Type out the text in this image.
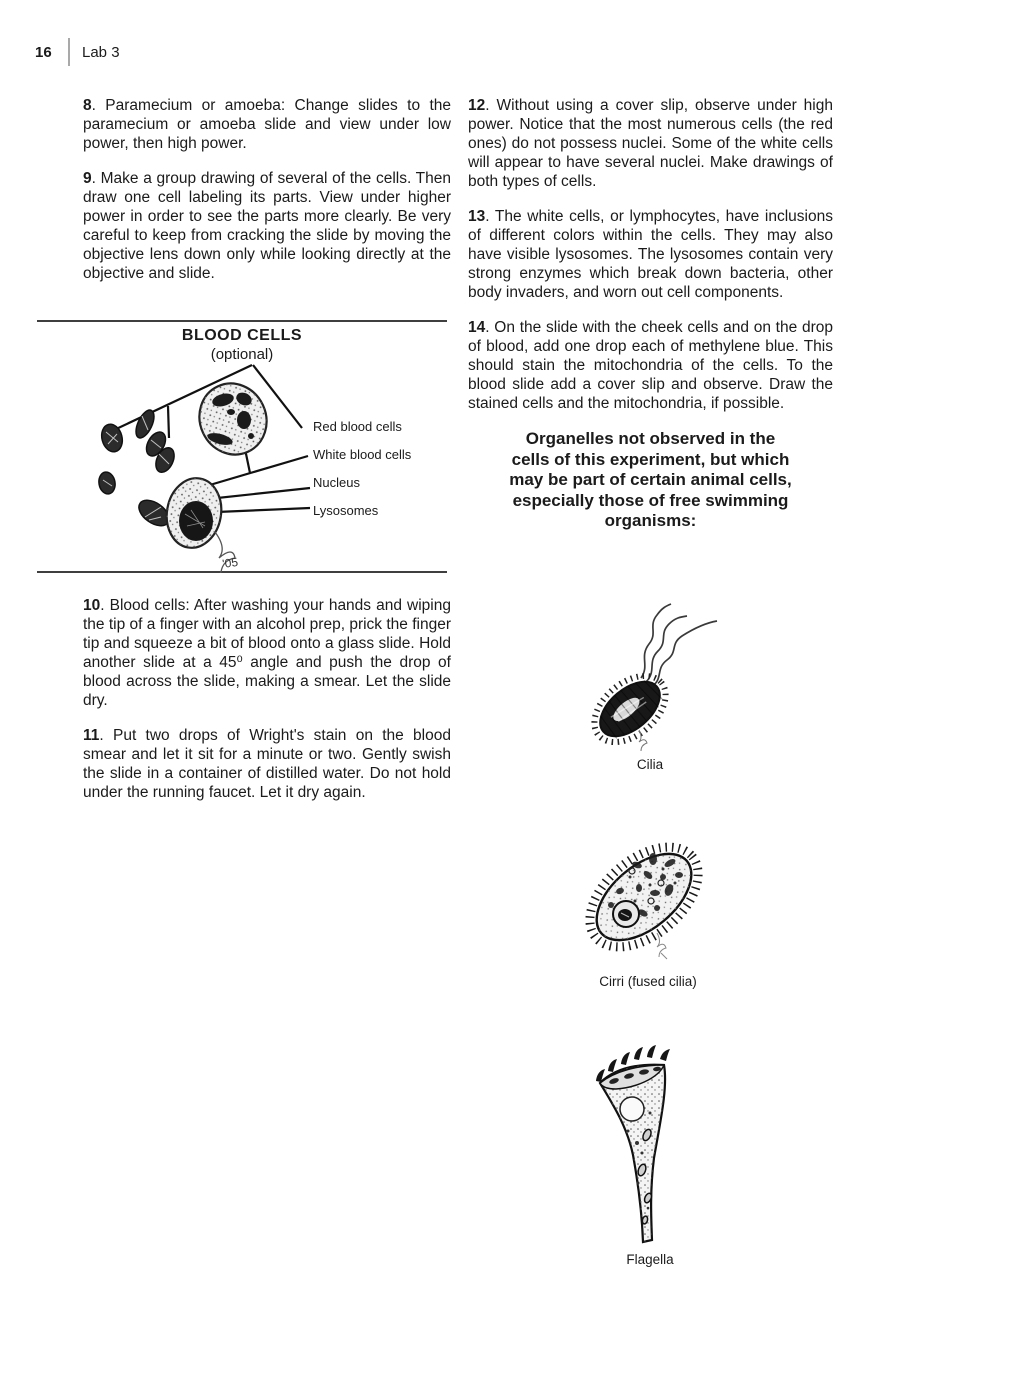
16 Lab 3

8. Paramecium or amoeba: Change slides to the paramecium or amoeba slide and view under low power, then high power.

9. Make a group drawing of several of the cells. Then draw one cell labeling its parts. View under higher power in order to see the parts more clearly. Be very careful to keep from cracking the slide by moving the objective lens down only while looking directly at the objective and slide.

BLOOD CELLS
(optional)
'05
Red blood cells
White blood cells
Nucleus
Lysosomes

10. Blood cells: After washing your hands and wiping the tip of a finger with an alcohol prep, prick the finger tip and squeeze a bit of blood onto a glass slide. Hold another slide at a 45⁰ angle and push the drop of blood across the slide, making a smear. Let the slide dry.

11. Put two drops of Wright's stain on the blood smear and let it sit for a minute or two. Gently swish the slide in a container of distilled water. Do not hold under the running faucet. Let it dry again.

12. Without using a cover slip, observe under high power. Notice that the most numerous cells (the red ones) do not possess nuclei. Some of the white cells will appear to have several nuclei. Make drawings of both types of cells.

13. The white cells, or lymphocytes, have inclusions of different colors within the cells. They may also have visible lysosomes. The lysosomes contain very strong enzymes which break down bacteria, other body invaders, and worn out cell components.

14. On the slide with the cheek cells and on the drop of blood, add one drop each of methylene blue. This should stain the mitochondria of the cells. To the blood slide add a cover slip and observe. Draw the stained cells and the mitochondria, if possible.

Organelles not observed in the
cells of this experiment, but which
may be part of certain animal cells,
especially those of free swimming
organisms:
Cilia
Cirri (fused cilia)
Flagella
